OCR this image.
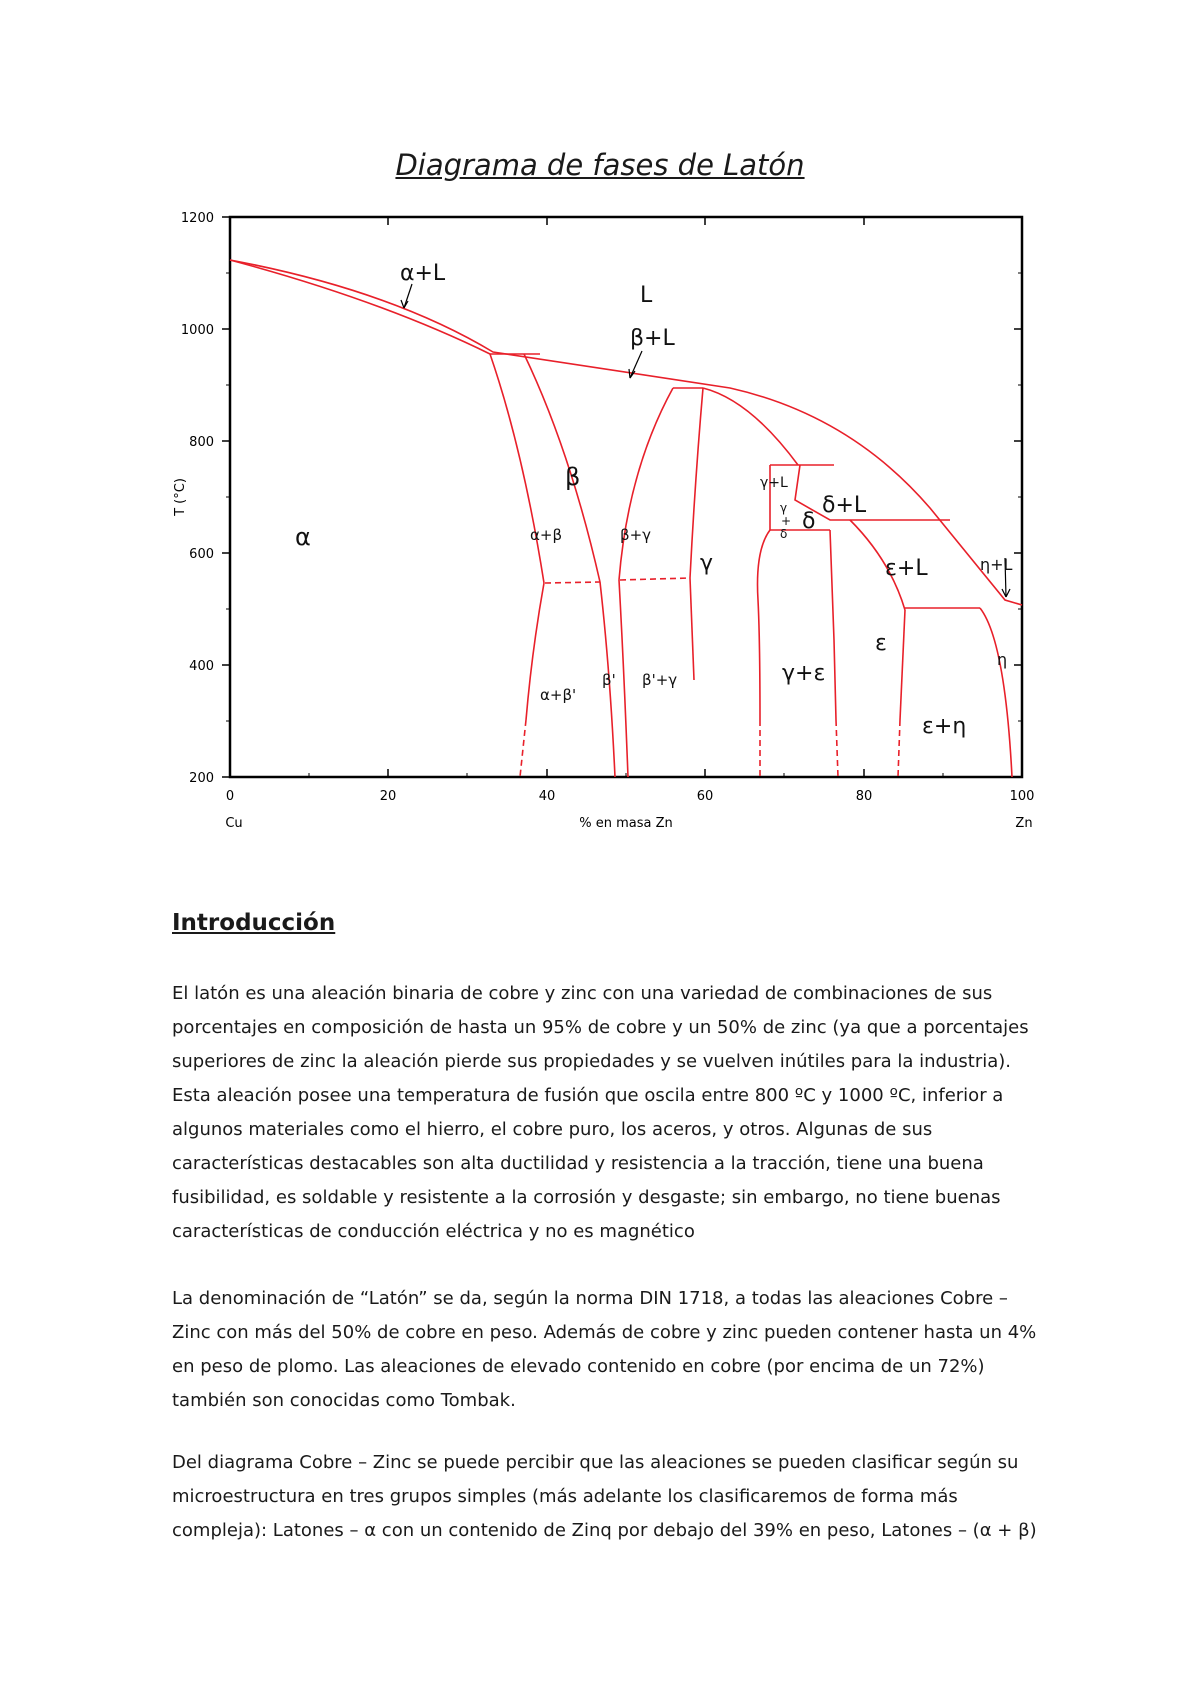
Diagrama de fases de Latón
1200
1000
800
600
400
200
T (°C)
0	20	40	60	80	100
Cu	% en masa Zn	Zn
L
α+L
β+L
α
β
α+β	β+γ
γ
γ+L
γ
+
δ δ
δ+L
ε+L	η+L
α+β'
β' β'+γ	γ+ε
ε
ε+η
η
Introducción

El latón es una aleación binaria de cobre y zinc con una variedad de combinaciones de sus porcentajes en composición de hasta un 95% de cobre y un 50% de zinc (ya que a porcentajes superiores de zinc la aleación pierde sus propiedades y se vuelven inútiles para la industria). Esta aleación posee una temperatura de fusión que oscila entre 800 ºC y 1000 ºC, inferior a algunos materiales como el hierro, el cobre puro, los aceros, y otros. Algunas de sus características destacables son alta ductilidad y resistencia a la tracción, tiene una buena fusibilidad, es soldable y resistente a la corrosión y desgaste; sin embargo, no tiene buenas características de conducción eléctrica y no es magnético

La denominación de “Latón” se da, según la norma DIN 1718, a todas las aleaciones Cobre – Zinc con más del 50% de cobre en peso. Además de cobre y zinc pueden contener hasta un 4% en peso de plomo. Las aleaciones de elevado contenido en cobre (por encima de un 72%) también son conocidas como Tombak.

Del diagrama Cobre – Zinc se puede percibir que las aleaciones se pueden clasificar según su microestructura en tres grupos simples (más adelante los clasificaremos de forma más compleja): Latones – α con un contenido de Zinq por debajo del 39% en peso, Latones – (α + β)
